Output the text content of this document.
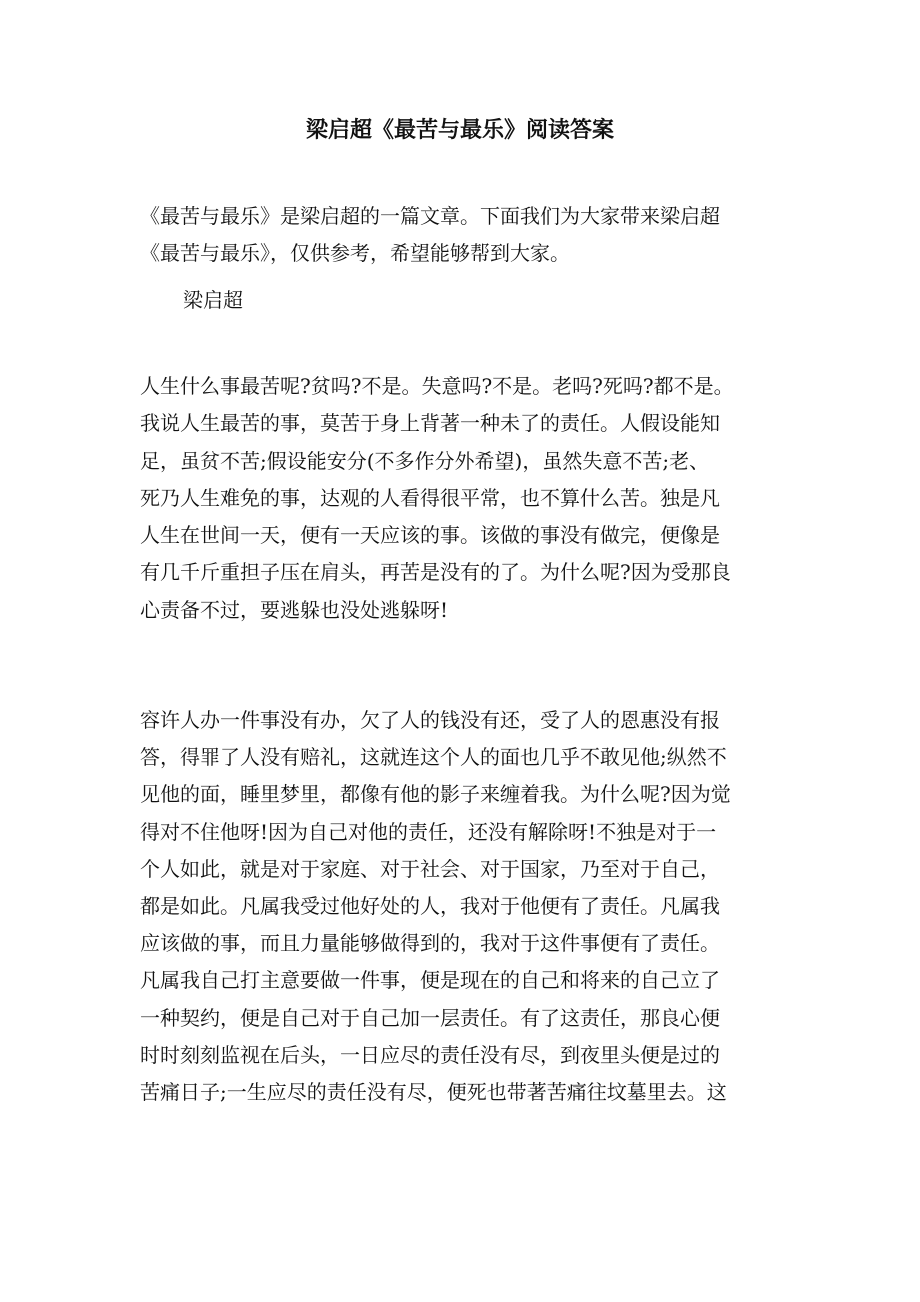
梁启超《最苦与最乐》阅读答案
《最苦与最乐》是梁启超的一篇文章。下面我们为大家带来梁启超
《最苦与最乐》，仅供参考，希望能够帮到大家。
梁启超
人生什么事最苦呢?贫吗?不是。失意吗?不是。老吗?死吗?都不是。
我说人生最苦的事，莫苦于身上背著一种未了的责任。人假设能知
足，虽贫不苦;假设能安分(不多作分外希望)，虽然失意不苦;老、
死乃人生难免的事，达观的人看得很平常，也不算什么苦。独是凡
人生在世间一天，便有一天应该的事。该做的事没有做完，便像是
有几千斤重担子压在肩头，再苦是没有的了。为什么呢?因为受那良
心责备不过，要逃躲也没处逃躲呀!
容许人办一件事没有办，欠了人的钱没有还，受了人的恩惠没有报
答，得罪了人没有赔礼，这就连这个人的面也几乎不敢见他;纵然不
见他的面，睡里梦里，都像有他的影子来缠着我。为什么呢?因为觉
得对不住他呀!因为自己对他的责任，还没有解除呀!不独是对于一
个人如此，就是对于家庭、对于社会、对于国家，乃至对于自己，
都是如此。凡属我受过他好处的人，我对于他便有了责任。凡属我
应该做的事，而且力量能够做得到的，我对于这件事便有了责任。
凡属我自己打主意要做一件事，便是现在的自己和将来的自己立了
一种契约，便是自己对于自己加一层责任。有了这责任，那良心便
时时刻刻监视在后头，一日应尽的责任没有尽，到夜里头便是过的
苦痛日子;一生应尽的责任没有尽，便死也带著苦痛往坟墓里去。这
